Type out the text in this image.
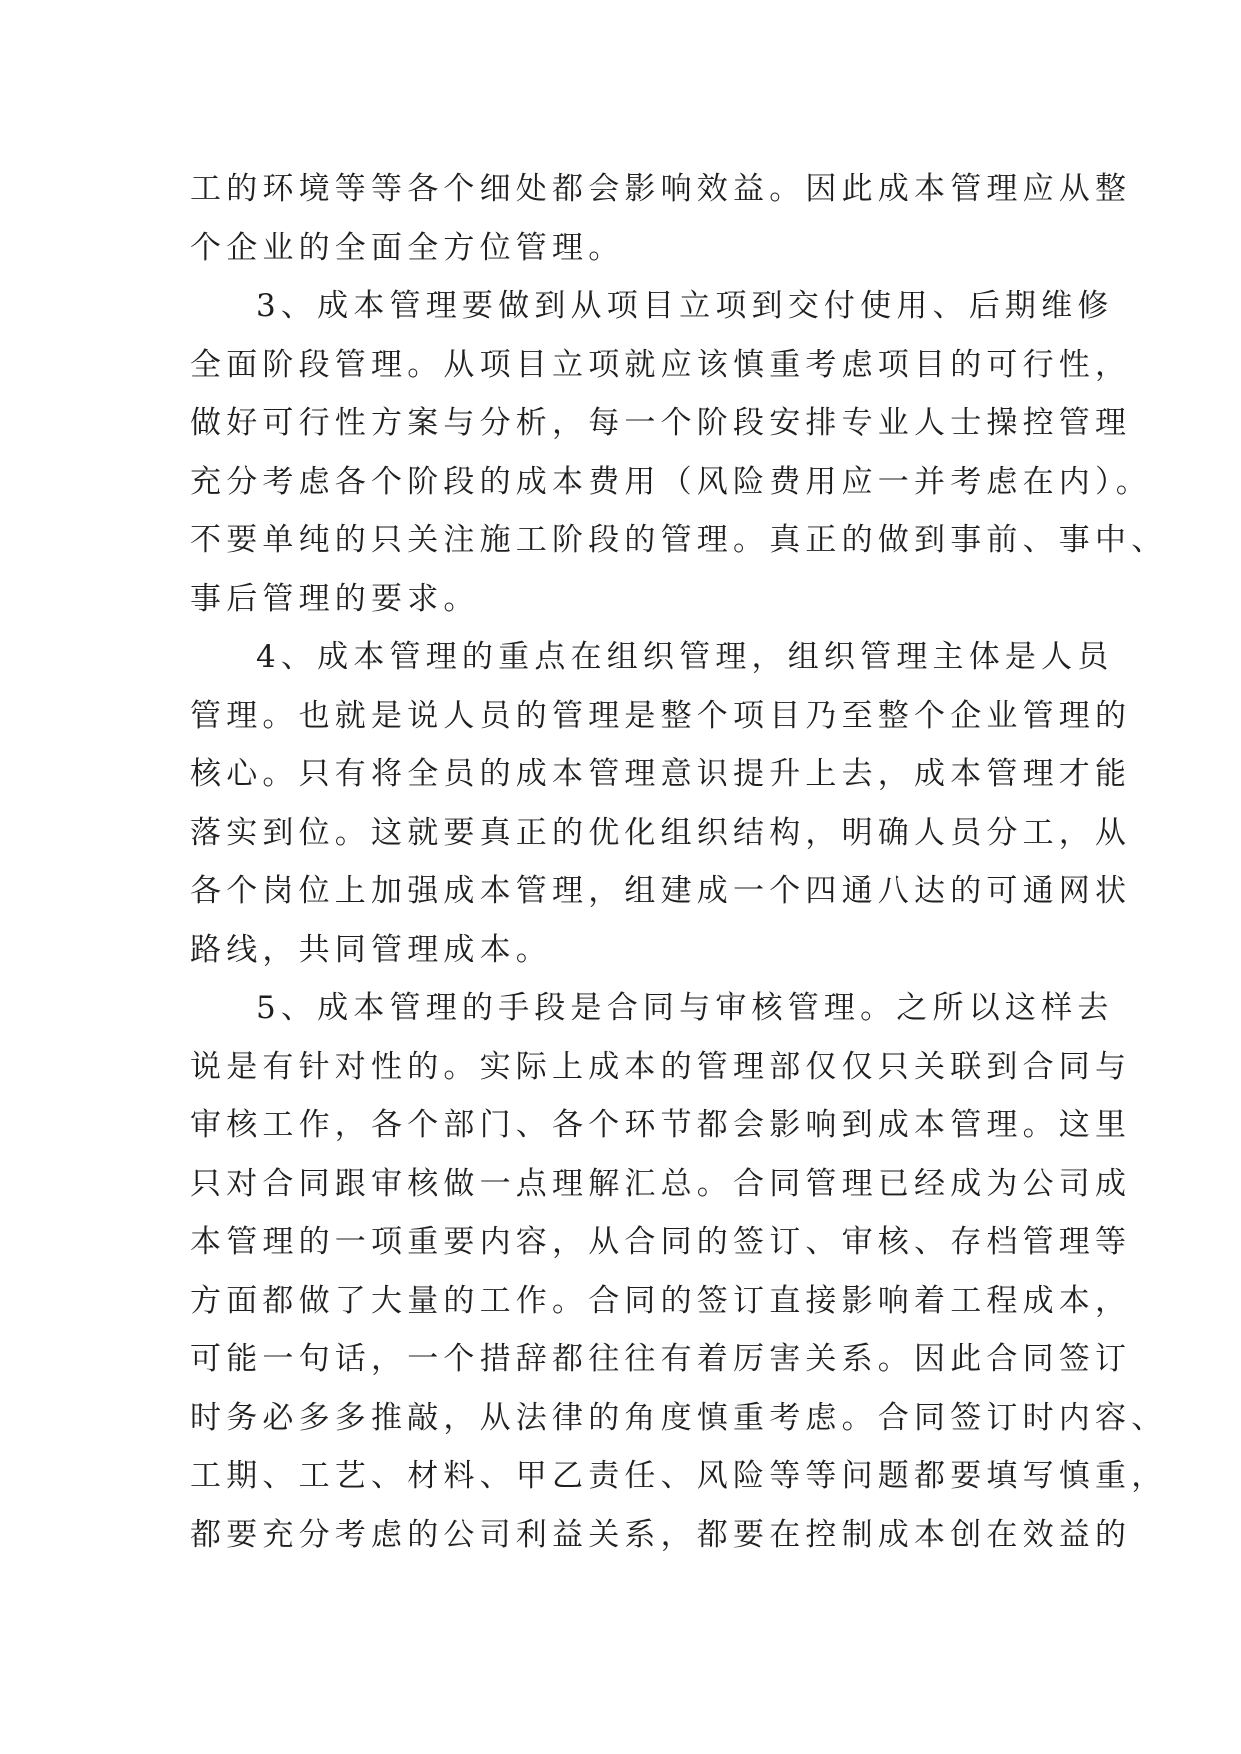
工的环境等等各个细处都会影响效益。因此成本管理应从整
个企业的全面全方位管理。
3、成本管理要做到从项目立项到交付使用、后期维修
全面阶段管理。从项目立项就应该慎重考虑项目的可行性，
做好可行性方案与分析，每一个阶段安排专业人士操控管理
充分考虑各个阶段的成本费用（风险费用应一并考虑在内）。
不要单纯的只关注施工阶段的管理。真正的做到事前、事中、
事后管理的要求。
4、成本管理的重点在组织管理，组织管理主体是人员
管理。也就是说人员的管理是整个项目乃至整个企业管理的
核心。只有将全员的成本管理意识提升上去，成本管理才能
落实到位。这就要真正的优化组织结构，明确人员分工，从
各个岗位上加强成本管理，组建成一个四通八达的可通网状
路线，共同管理成本。
5、成本管理的手段是合同与审核管理。之所以这样去
说是有针对性的。实际上成本的管理部仅仅只关联到合同与
审核工作，各个部门、各个环节都会影响到成本管理。这里
只对合同跟审核做一点理解汇总。合同管理已经成为公司成
本管理的一项重要内容，从合同的签订、审核、存档管理等
方面都做了大量的工作。合同的签订直接影响着工程成本，
可能一句话，一个措辞都往往有着厉害关系。因此合同签订
时务必多多推敲，从法律的角度慎重考虑。合同签订时内容、
工期、工艺、材料、甲乙责任、风险等等问题都要填写慎重，
都要充分考虑的公司利益关系，都要在控制成本创在效益的
